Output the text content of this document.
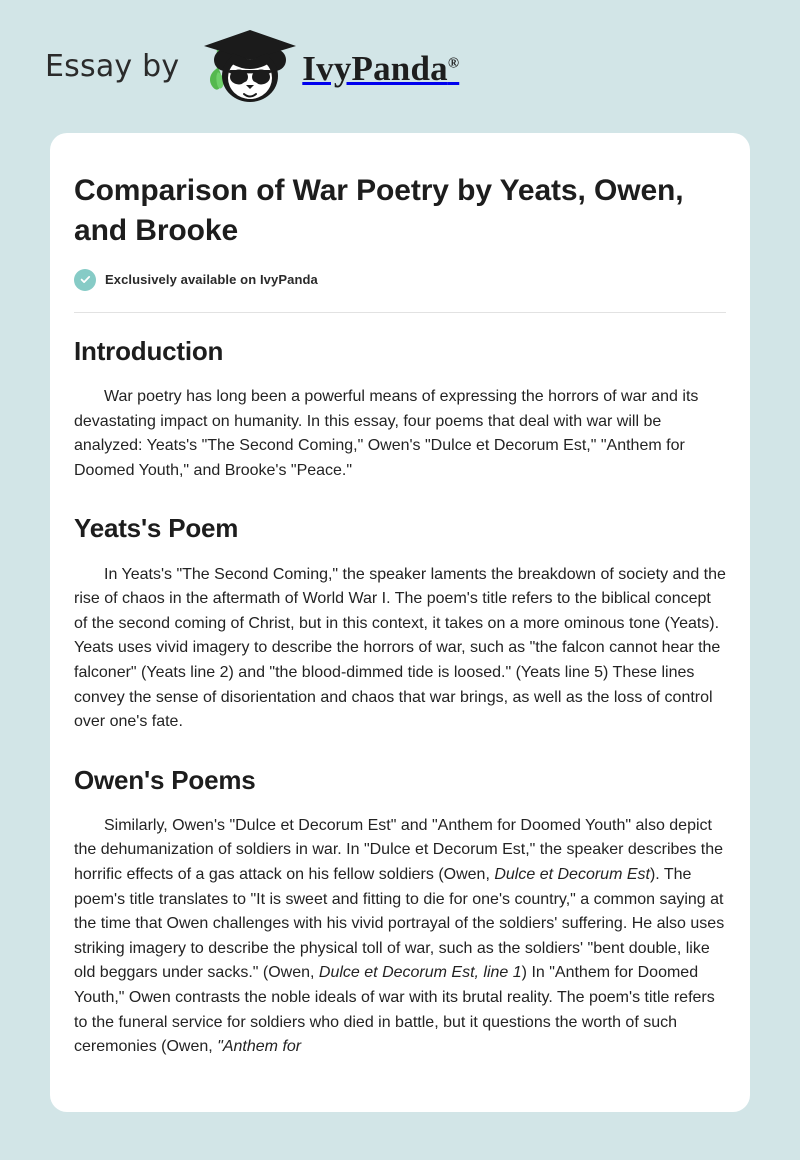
Essay by	IvyPanda®
Comparison of War Poetry by Yeats, Owen, and Brooke
Exclusively available on IvyPanda
Introduction

War poetry has long been a powerful means of expressing the horrors of war and its devastating impact on humanity. In this essay, four poems that deal with war will be analyzed: Yeats's "The Second Coming," Owen's "Dulce et Decorum Est," "Anthem for Doomed Youth," and Brooke's "Peace."

Yeats's Poem

In Yeats's "The Second Coming," the speaker laments the breakdown of society and the rise of chaos in the aftermath of World War I. The poem's title refers to the biblical concept of the second coming of Christ, but in this context, it takes on a more ominous tone (Yeats). Yeats uses vivid imagery to describe the horrors of war, such as "the falcon cannot hear the falconer" (Yeats line 2) and "the blood-dimmed tide is loosed." (Yeats line 5) These lines convey the sense of disorientation and chaos that war brings, as well as the loss of control over one's fate.

Owen's Poems

Similarly, Owen's "Dulce et Decorum Est" and "Anthem for Doomed Youth" also depict the dehumanization of soldiers in war. In "Dulce et Decorum Est," the speaker describes the horrific effects of a gas attack on his fellow soldiers (Owen, Dulce et Decorum Est). The poem's title translates to "It is sweet and fitting to die for one's country," a common saying at the time that Owen challenges with his vivid portrayal of the soldiers' suffering. He also uses striking imagery to describe the physical toll of war, such as the soldiers' "bent double, like old beggars under sacks." (Owen, Dulce et Decorum Est, line 1) In "Anthem for Doomed Youth," Owen contrasts the noble ideals of war with its brutal reality. The poem's title refers to the funeral service for soldiers who died in battle, but it questions the worth of such ceremonies (Owen, "Anthem for
